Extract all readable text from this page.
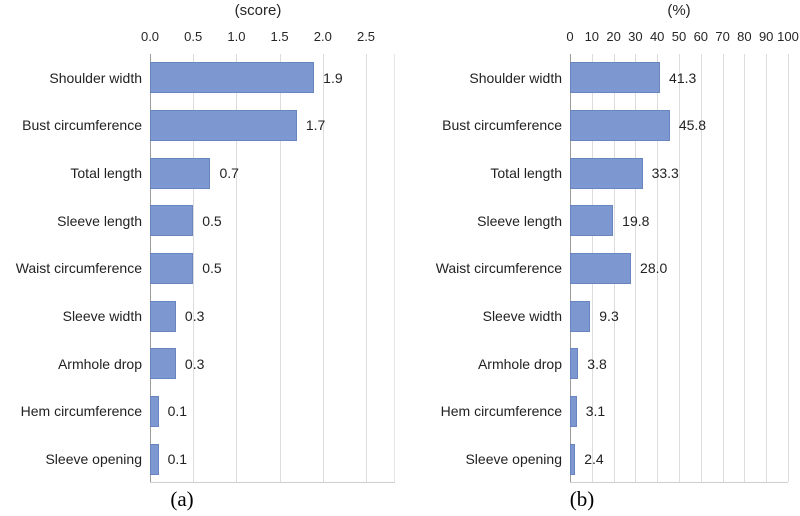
(score)
0.0 0.5 1.0 1.5 2.0 2.5
Shoulder width
Bust circumference
Total length
Sleeve length
Waist circumference
Sleeve width
Armhole drop
Hem circumference
Sleeve opening
1.9
1.7
0.7
0.5
0.5
0.3
0.3
0.1
0.1
(a)
(%)
0 10 20 30 40 50 60 70 80 90 100
Shoulder width
Bust circumference
Total length
Sleeve length
Waist circumference
Sleeve width
Armhole drop
Hem circumference
Sleeve opening
41.3
45.8
33.3
19.8
28.0
9.3
3.8
3.1
2.4
(b)
